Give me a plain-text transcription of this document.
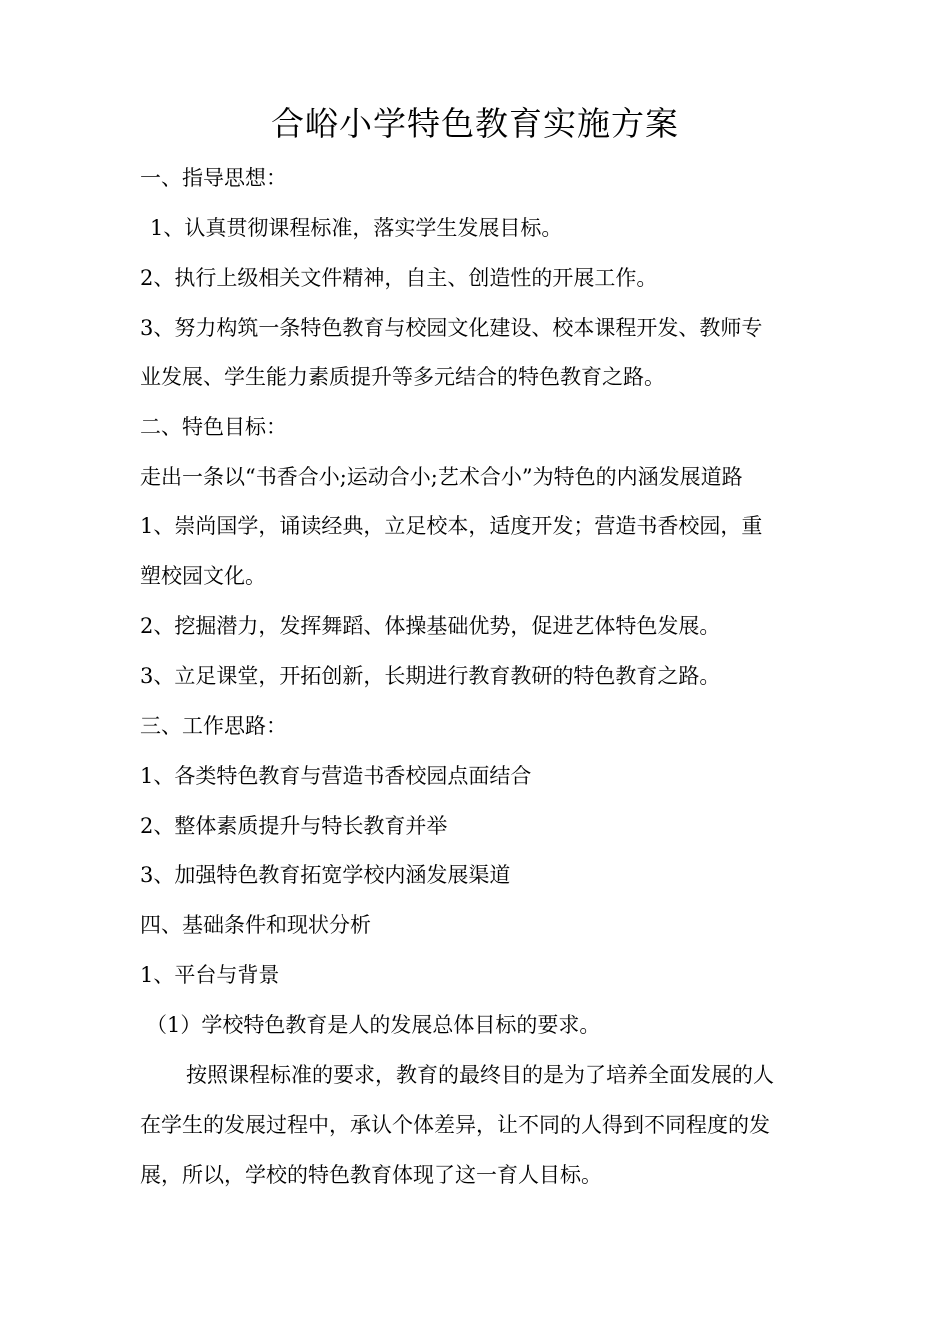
合峪小学特色教育实施方案
一、指导思想：
1、认真贯彻课程标准，落实学生发展目标。
2、执行上级相关文件精神，自主、创造性的开展工作。
3、努力构筑一条特色教育与校园文化建设、校本课程开发、教师专
业发展、学生能力素质提升等多元结合的特色教育之路。
二、特色目标：
走出一条以“书香合小;运动合小;艺术合小”为特色的内涵发展道路
1、崇尚国学，诵读经典，立足校本，适度开发；营造书香校园，重
塑校园文化。
2、挖掘潜力，发挥舞蹈、体操基础优势，促进艺体特色发展。
3、立足课堂，开拓创新，长期进行教育教研的特色教育之路。
三、工作思路：
1、各类特色教育与营造书香校园点面结合
2、整体素质提升与特长教育并举
3、加强特色教育拓宽学校内涵发展渠道
四、基础条件和现状分析
1、平台与背景
（1）学校特色教育是人的发展总体目标的要求。
按照课程标准的要求，教育的最终目的是为了培养全面发展的人
在学生的发展过程中，承认个体差异，让不同的人得到不同程度的发
展，所以，学校的特色教育体现了这一育人目标。
